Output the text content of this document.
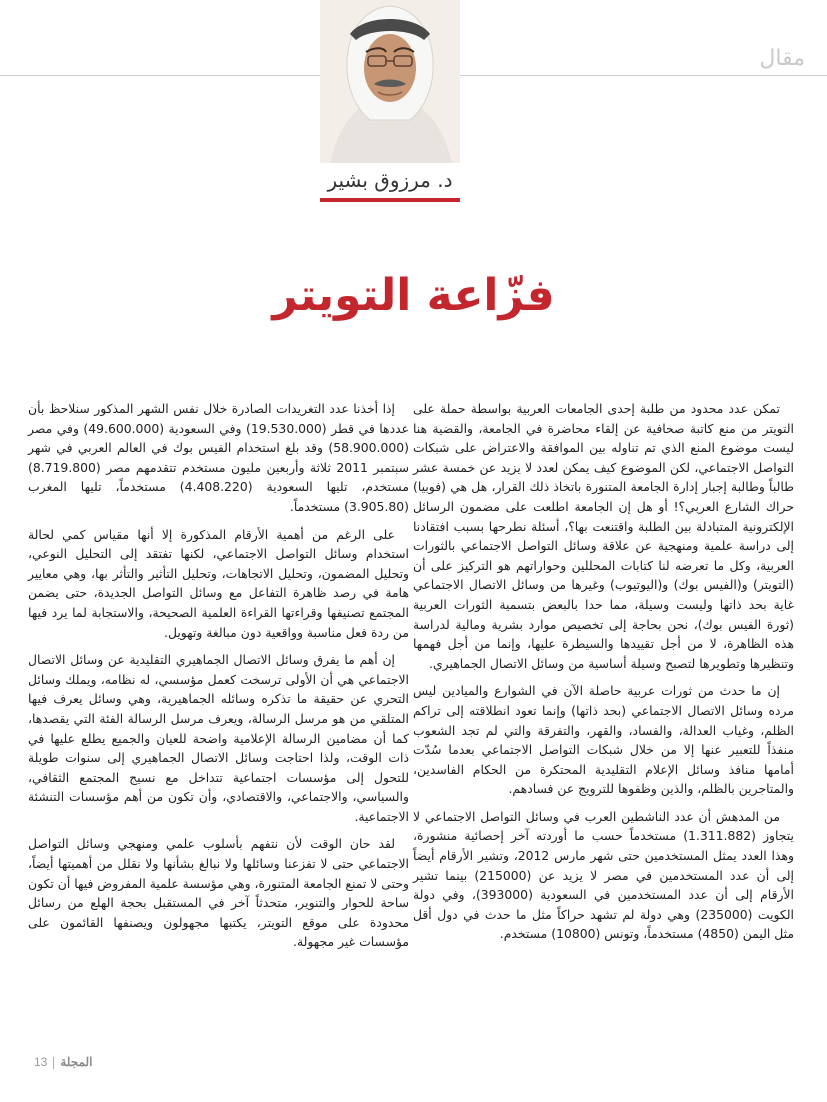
مقال
د. مرزوق بشير
فزّاعة التويتر

تمكن عدد محدود من طلبة إحدى الجامعات العربية بواسطة حملة على التويتر من منع كاتبة صحافية عن إلقاء محاضرة في الجامعة، والقضية هنا ليست موضوع المنع الذي تم تناوله بين الموافقة والاعتراض على شبكات التواصل الاجتماعي، لكن الموضوع كيف يمكن لعدد لا يزيد عن خمسة عشر طالباً وطالبة إجبار إدارة الجامعة المتنورة باتخاذ ذلك القرار، هل هي (فوبيا) حراك الشارع العربي؟! أو هل إن الجامعة اطلعت على مضمون الرسائل الإلكترونية المتبادلة بين الطلبة واقتنعت بها؟، أسئلة نطرحها بسبب افتقادنا إلى دراسة علمية ومنهجية عن علاقة وسائل التواصل الاجتماعي بالثورات العربية، وكل ما تعرضه لنا كتابات المحللين وحواراتهم هو التركيز على أن (التويتر) و(الفيس بوك) و(اليوتيوب) وغيرها من وسائل الاتصال الاجتماعي غاية بحد ذاتها وليست وسيلة، مما حدا بالبعض بتسمية الثورات العربية (ثورة الفيس بوك)، نحن بحاجة إلى تخصيص موارد بشرية ومالية لدراسة هذه الظاهرة، لا من أجل تقييدها والسيطرة عليها، وإنما من أجل فهمها وتنظيرها وتطويرها لتصبح وسيلة أساسية من وسائل الاتصال الجماهيري.

إن ما حدث من ثورات عربية حاصلة الآن في الشوارع والميادين ليس مرده وسائل الاتصال الاجتماعي (بحد ذاتها) وإنما تعود انطلاقته إلى تراكم الظلم، وغياب العدالة، والفساد، والقهر، والتفرقة والتي لم تجد الشعوب منفذاً للتعبير عنها إلا من خلال شبكات التواصل الاجتماعي بعدما سُدّت أمامها منافذ وسائل الإعلام التقليدية المحتكرة من الحكام الفاسدين، والمتاجرين بالظلم، والذين وظفوها للترويج عن فسادهم.

من المدهش أن عدد الناشطين العرب في وسائل التواصل الاجتماعي لا يتجاوز (1.311.882) مستخدماً حسب ما أوردته آخر إحصائية منشورة، وهذا العدد يمثل المستخدمين حتى شهر مارس 2012، وتشير الأرقام أيضاً إلى أن عدد المستخدمين في مصر لا يزيد عن (215000) بينما تشير الأرقام إلى أن عدد المستخدمين في السعودية (393000)، وفي دولة الكويت (235000) وهي دولة لم تشهد حراكاً مثل ما حدث في دول أقل مثل اليمن (4850) مستخدماً، وتونس (10800) مستخدم.

إذا أخذنا عدد التغريدات الصادرة خلال نفس الشهر المذكور سنلاحظ بأن عددها في قطر (19.530.000) وفي السعودية (49.600.000) وفي مصر (58.900.000) وقد بلغ استخدام الفيس بوك في العالم العربي في شهر سبتمبر 2011 ثلاثة وأربعين مليون مستخدم تتقدمهم مصر (8.719.800) مستخدم، تليها السعودية (4.408.220) مستخدماً، تليها المغرب (3.905.80) مستخدماً.

على الرغم من أهمية الأرقام المذكورة إلا أنها مقياس كمي لحالة استخدام وسائل التواصل الاجتماعي، لكنها تفتقد إلى التحليل النوعي، وتحليل المضمون، وتحليل الاتجاهات، وتحليل التأثير والتأثر بها، وهي معايير هامة في رصد ظاهرة التفاعل مع وسائل التواصل الجديدة، حتى يضمن المجتمع تصنيفها وقراءتها القراءة العلمية الصحيحة، والاستجابة لما يرد فيها من ردة فعل مناسبة وواقعية دون مبالغة وتهويل.

إن أهم ما يفرق وسائل الاتصال الجماهيري التقليدية عن وسائل الاتصال الاجتماعي هي أن الأولى ترسخت كعمل مؤسسي، له نظامه، ويملك وسائل التحري عن حقيقة ما تذكره وسائله الجماهيرية، وهي وسائل يعرف فيها المتلقي من هو مرسل الرسالة، ويعرف مرسل الرسالة الفئة التي يقصدها، كما أن مضامين الرسالة الإعلامية واضحة للعيان والجميع يطلع عليها في ذات الوقت، ولذا احتاجت وسائل الاتصال الجماهيري إلى سنوات طويلة للتحول إلى مؤسسات اجتماعية تتداخل مع نسيج المجتمع الثقافي، والسياسي، والاجتماعي، والاقتصادي، وأن تكون من أهم مؤسسات التنشئة الاجتماعية.

لقد حان الوقت لأن نتفهم بأسلوب علمي ومنهجي وسائل التواصل الاجتماعي حتى لا تفزعنا وسائلها ولا نبالغ بشأنها ولا نقلل من أهميتها أيضاً، وحتى لا تمنع الجامعة المتنورة، وهي مؤسسة علمية المفروض فيها أن تكون ساحة للحوار والتنوير، متحدثاً آخر في المستقبل بحجة الهلع من رسائل محدودة على موقع التويتر، يكتبها مجهولون ويصنفها القائمون على مؤسسات غير مجهولة.

13 المجلة
